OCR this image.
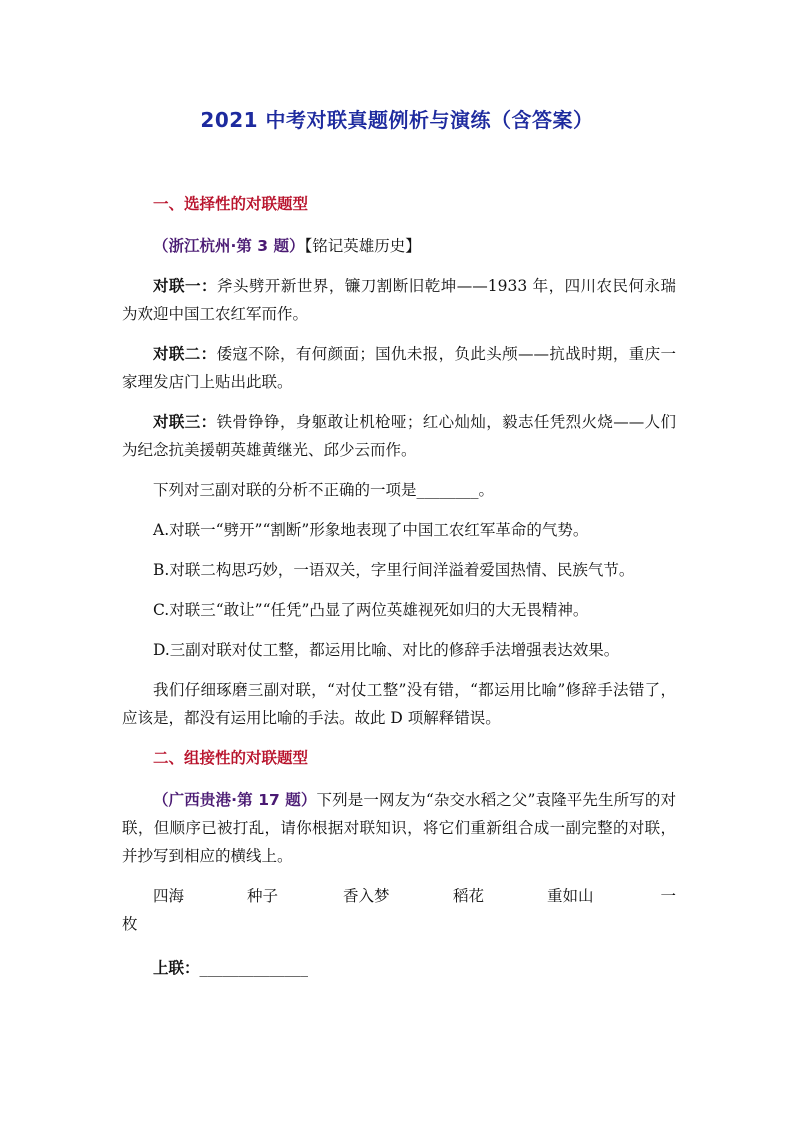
2021 中考对联真题例析与演练（含答案）

一、选择性的对联题型

（浙江杭州·第 3 题）【铭记英雄历史】

对联一：斧头劈开新世界，镰刀割断旧乾坤——1933 年，四川农民何永瑞为欢迎中国工农红军而作。

对联二：倭寇不除，有何颜面；国仇未报，负此头颅——抗战时期，重庆一家理发店门上贴出此联。

对联三：铁骨铮铮，身躯敢让机枪哑；红心灿灿，毅志任凭烈火烧——人们为纪念抗美援朝英雄黄继光、邱少云而作。

下列对三副对联的分析不正确的一项是________。

A.对联一“劈开”“割断”形象地表现了中国工农红军革命的气势。

B.对联二构思巧妙，一语双关，字里行间洋溢着爱国热情、民族气节。

C.对联三“敢让”“任凭”凸显了两位英雄视死如归的大无畏精神。

D.三副对联对仗工整，都运用比喻、对比的修辞手法增强表达效果。

我们仔细琢磨三副对联，“对仗工整”没有错，“都运用比喻”修辞手法错了，应该是，都没有运用比喻的手法。故此 D 项解释错误。

二、组接性的对联题型

（广西贵港·第 17 题）下列是一网友为“杂交水稻之父”袁隆平先生所写的对联，但顺序已被打乱，请你根据对联知识，将它们重新组合成一副完整的对联，并抄写到相应的横线上。

四海	种子	香入梦	稻花	重如山	一

枚

上联：______________
